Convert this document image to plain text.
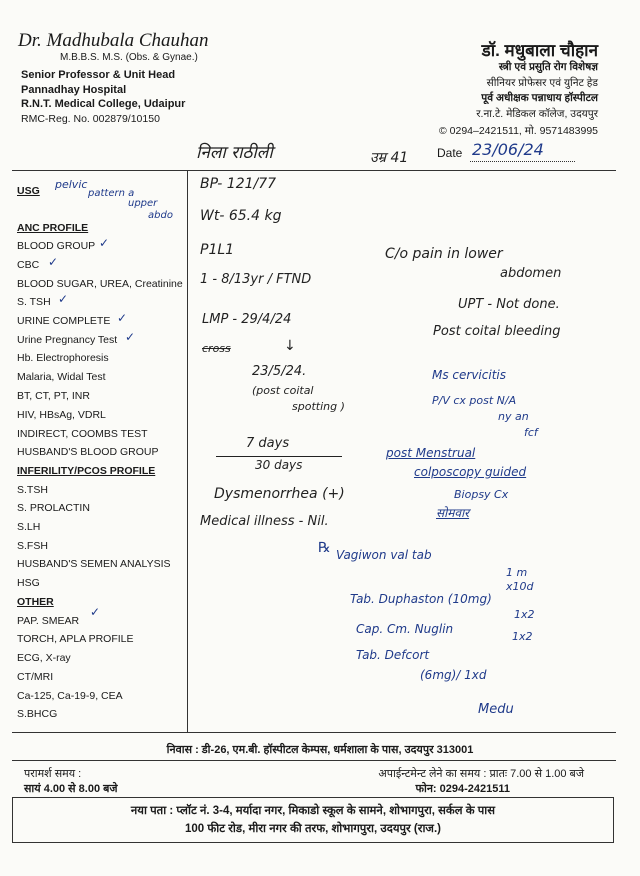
Dr. Madhubala Chauhan
M.B.B.S. M.S. (Obs. & Gynae.)
Senior Professor & Unit Head
Pannadhay Hospital
R.N.T. Medical College, Udaipur
RMC-Reg. No. 002879/10150
डॉ. मधुबाला चौहान
स्त्री एवं प्रसुति रोग विशेषज्ञ
सीनियर प्रोफेसर एवं युनिट हेड
पूर्व अधीक्षक पन्नाधाय हॉस्पीटल
र.ना.टे. मेडिकल कॉलेज, उदयपुर
© 0294–2421511, मो. 9571483995
निला राठीली	उम्र 41 Date 23/06/24
USG
ANC PROFILE
BLOOD GROUP
CBC
BLOOD SUGAR, UREA, Creatinine
S. TSH
URINE COMPLETE
Urine Pregnancy Test
Hb. Electrophoresis
Malaria, Widal Test
BT, CT, PT, INR
HIV, HBsAg, VDRL
INDIRECT, COOMBS TEST
HUSBAND'S BLOOD GROUP
INFERILITY/PCOS PROFILE
S.TSH
S. PROLACTIN
S.LH
S.FSH
HUSBAND'S SEMEN ANALYSIS
HSG
OTHER
PAP. SMEAR
TORCH, APLA PROFILE
ECG, X-ray
CT/MRI
Ca-125, Ca-19-9, CEA
S.BHCG
✓
✓
✓
✓
✓
✓
pelvic
pattern a
upper
abdo
BP- 121/77
Wt- 65.4 kg
P1L1
1 - 8/13yr / FTND
LMP - 29/4/24
cross	↓
23/5/24.
(post coital
spotting )
7 days
30 days
Dysmenorrhea (+)
Medical illness - Nil.
C/o pain in lower
abdomen
UPT - Not done.
Post coital bleeding
Ms cervicitis
P/V cx post N/A
ny an
fcf
post Menstrual
colposcopy guided
Biopsy Cx
सोमवार
℞ Vagiwon val tab
1 m
x10d
Tab. Duphaston (10mg)
1x2
Cap. Cm. Nuglin
1x2
Tab. Defcort
(6mg)/ 1xd
Medu
निवास : डी-26, एम.बी. हॉस्पीटल केम्पस, धर्मशाला के पास, उदयपुर 313001
परामर्श समय :
सायं 4.00 से 8.00 बजे
अपाईन्टमेन्ट लेने का समय : प्रातः 7.00 से 1.00 बजे
फोन: 0294-2421511
नया पता : प्लॉट नं. 3-4, मर्यादा नगर, मिकाडो स्कूल के सामने, शोभागपुरा, सर्कल के पास
100 फीट रोड, मीरा नगर की तरफ, शोभागपुरा, उदयपुर (राज.)
